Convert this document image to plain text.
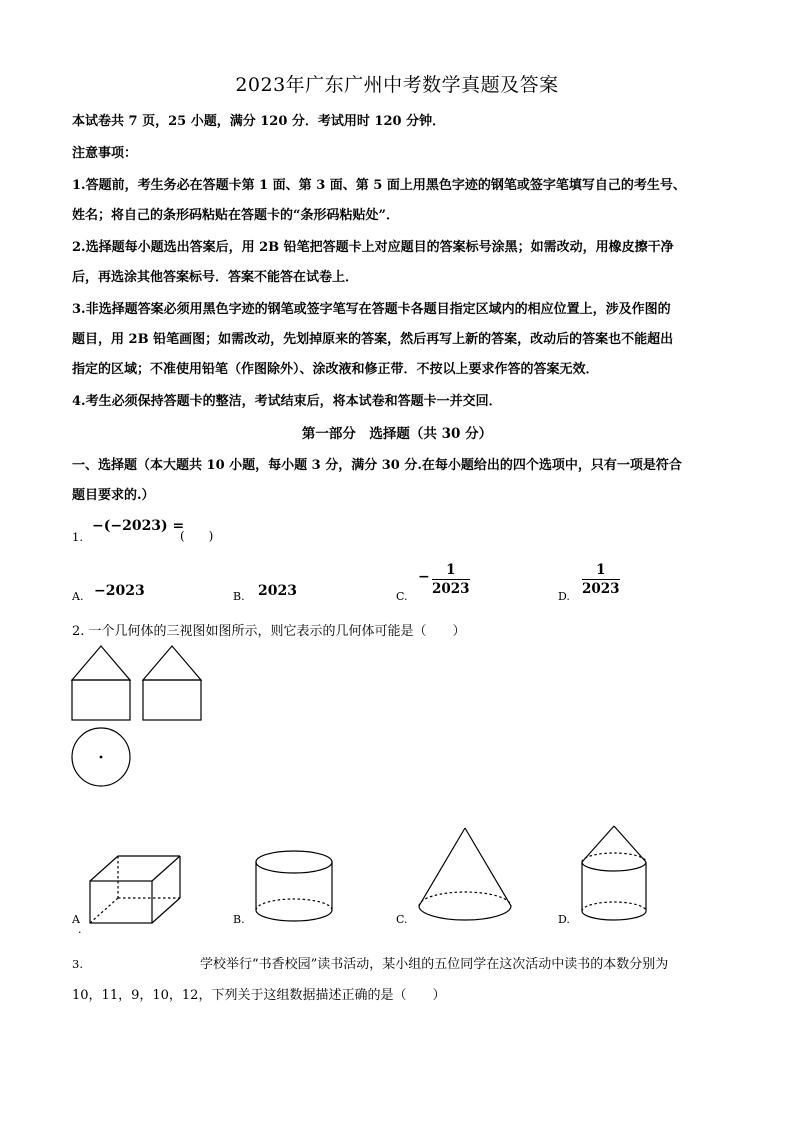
2023年广东广州中考数学真题及答案
本试卷共 7 页，25 小题，满分 120 分．考试用时 120 分钟．
注意事项：
1.答题前，考生务必在答题卡第 1 面、第 3 面、第 5 面上用黑色字迹的钢笔或签字笔填写自己的考生号、
姓名；将自己的条形码粘贴在答题卡的“条形码粘贴处”．
2.选择题每小题选出答案后，用 2B 铅笔把答题卡上对应题目的答案标号涂黑；如需改动，用橡皮擦干净
后，再选涂其他答案标号．答案不能答在试卷上．
3.非选择题答案必须用黑色字迹的钢笔或签字笔写在答题卡各题目指定区域内的相应位置上，涉及作图的
题目，用 2B 铅笔画图；如需改动，先划掉原来的答案，然后再写上新的答案，改动后的答案也不能超出
指定的区域；不准使用铅笔（作图除外）、涂改液和修正带．不按以上要求作答的答案无效．
4.考生必须保持答题卡的整洁，考试结束后，将本试卷和答题卡一并交回．
第一部分　选择题（共 30 分）
一、选择题（本大题共 10 小题，每小题 3 分，满分 30 分.在每小题给出的四个选项中，只有一项是符合
题目要求的.）
1.
−(−2023) =
(　　)
A. −2023	B. 2023	C.
− 1
2023	D.
1
2023
2. 一个几何体的三视图如图所示，则它表示的几何体可能是（　　）
A
.
B.	C.	D.
3.	学校举行“书香校园”读书活动，某小组的五位同学在这次活动中读书的本数分别为
10，11，9，10，12，下列关于这组数据描述正确的是（　　）
